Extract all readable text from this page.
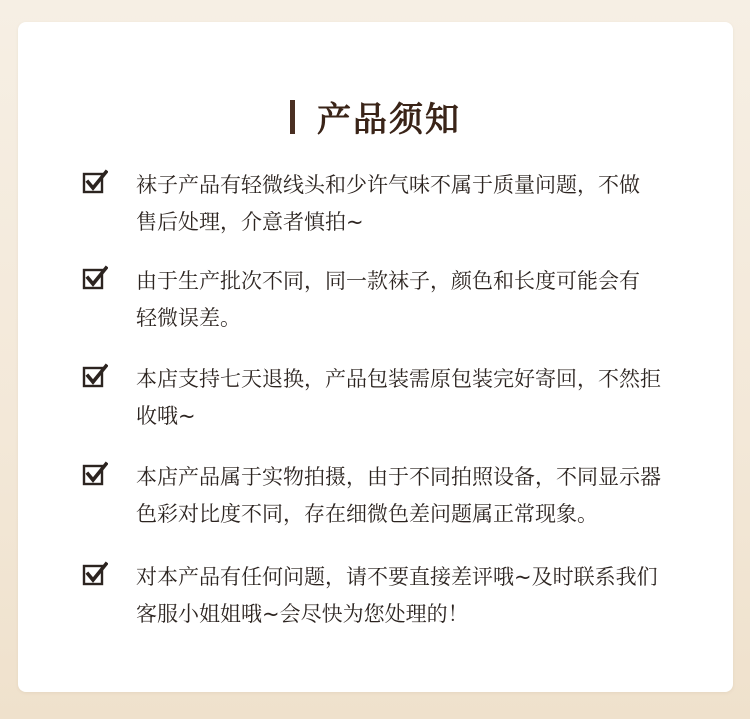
产品须知
袜子产品有轻微线头和少许气味不属于质量问题，不做
售后处理，介意者慎拍~
由于生产批次不同，同一款袜子，颜色和长度可能会有
轻微误差。
本店支持七天退换，产品包装需原包装完好寄回，不然拒
收哦~
本店产品属于实物拍摄，由于不同拍照设备，不同显示器
色彩对比度不同，存在细微色差问题属正常现象。
对本产品有任何问题，请不要直接差评哦~及时联系我们
客服小姐姐哦~会尽快为您处理的！
